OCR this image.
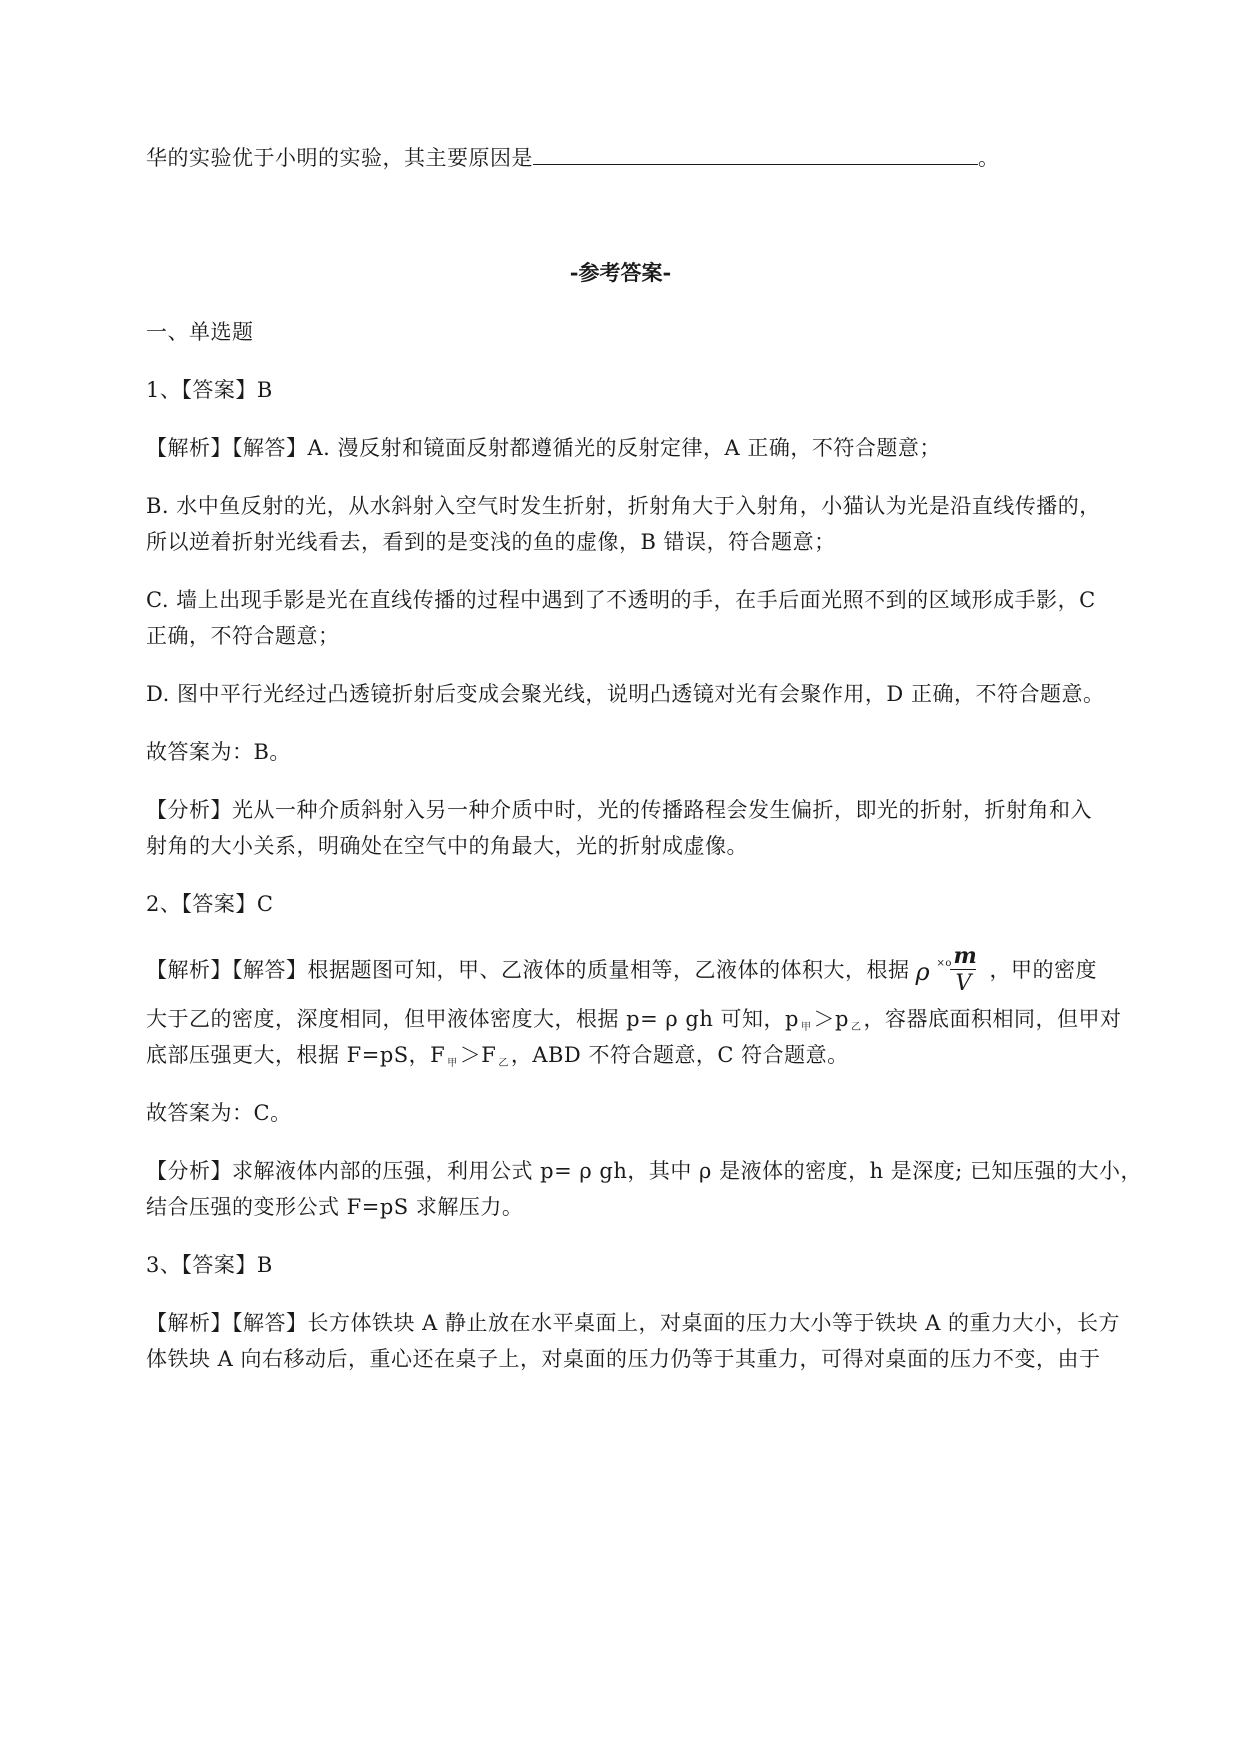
华的实验优于小明的实验，其主要原因是	。
-参考答案-
一、单选题
1、【答案】B
【解析】【解答】A. 漫反射和镜面反射都遵循光的反射定律，A 正确，不符合题意；
B. 水中鱼反射的光，从水斜射入空气时发生折射，折射角大于入射角，小猫认为光是沿直线传播的，
所以逆着折射光线看去，看到的是变浅的鱼的虚像，B 错误，符合题意；
C. 墙上出现手影是光在直线传播的过程中遇到了不透明的手，在手后面光照不到的区域形成手影，C
正确，不符合题意；
D. 图中平行光经过凸透镜折射后变成会聚光线，说明凸透镜对光有会聚作用，D 正确，不符合题意。
故答案为：B。
【分析】光从一种介质斜射入另一种介质中时，光的传播路程会发生偏折，即光的折射，折射角和入
射角的大小关系，明确处在空气中的角最大，光的折射成虚像。
2、【答案】C
【解析】【解答】根据题图可知，甲、乙液体的质量相等，乙液体的体积大，根据 ρ ×o m
V
，甲的密度
大于乙的密度，深度相同，但甲液体密度大，根据 p= ρ gh 可知，p 甲＞p 乙，容器底面积相同，但甲对
底部压强更大，根据 F=pS，F 甲＞F 乙，ABD 不符合题意，C 符合题意。
故答案为：C。
【分析】求解液体内部的压强，利用公式 p= ρ gh，其中 ρ 是液体的密度，h 是深度; 已知压强的大小，
结合压强的变形公式 F=pS 求解压力。
3、【答案】B
【解析】【解答】长方体铁块 A 静止放在水平桌面上，对桌面的压力大小等于铁块 A 的重力大小，长方
体铁块 A 向右移动后，重心还在桌子上，对桌面的压力仍等于其重力，可得对桌面的压力不变，由于
